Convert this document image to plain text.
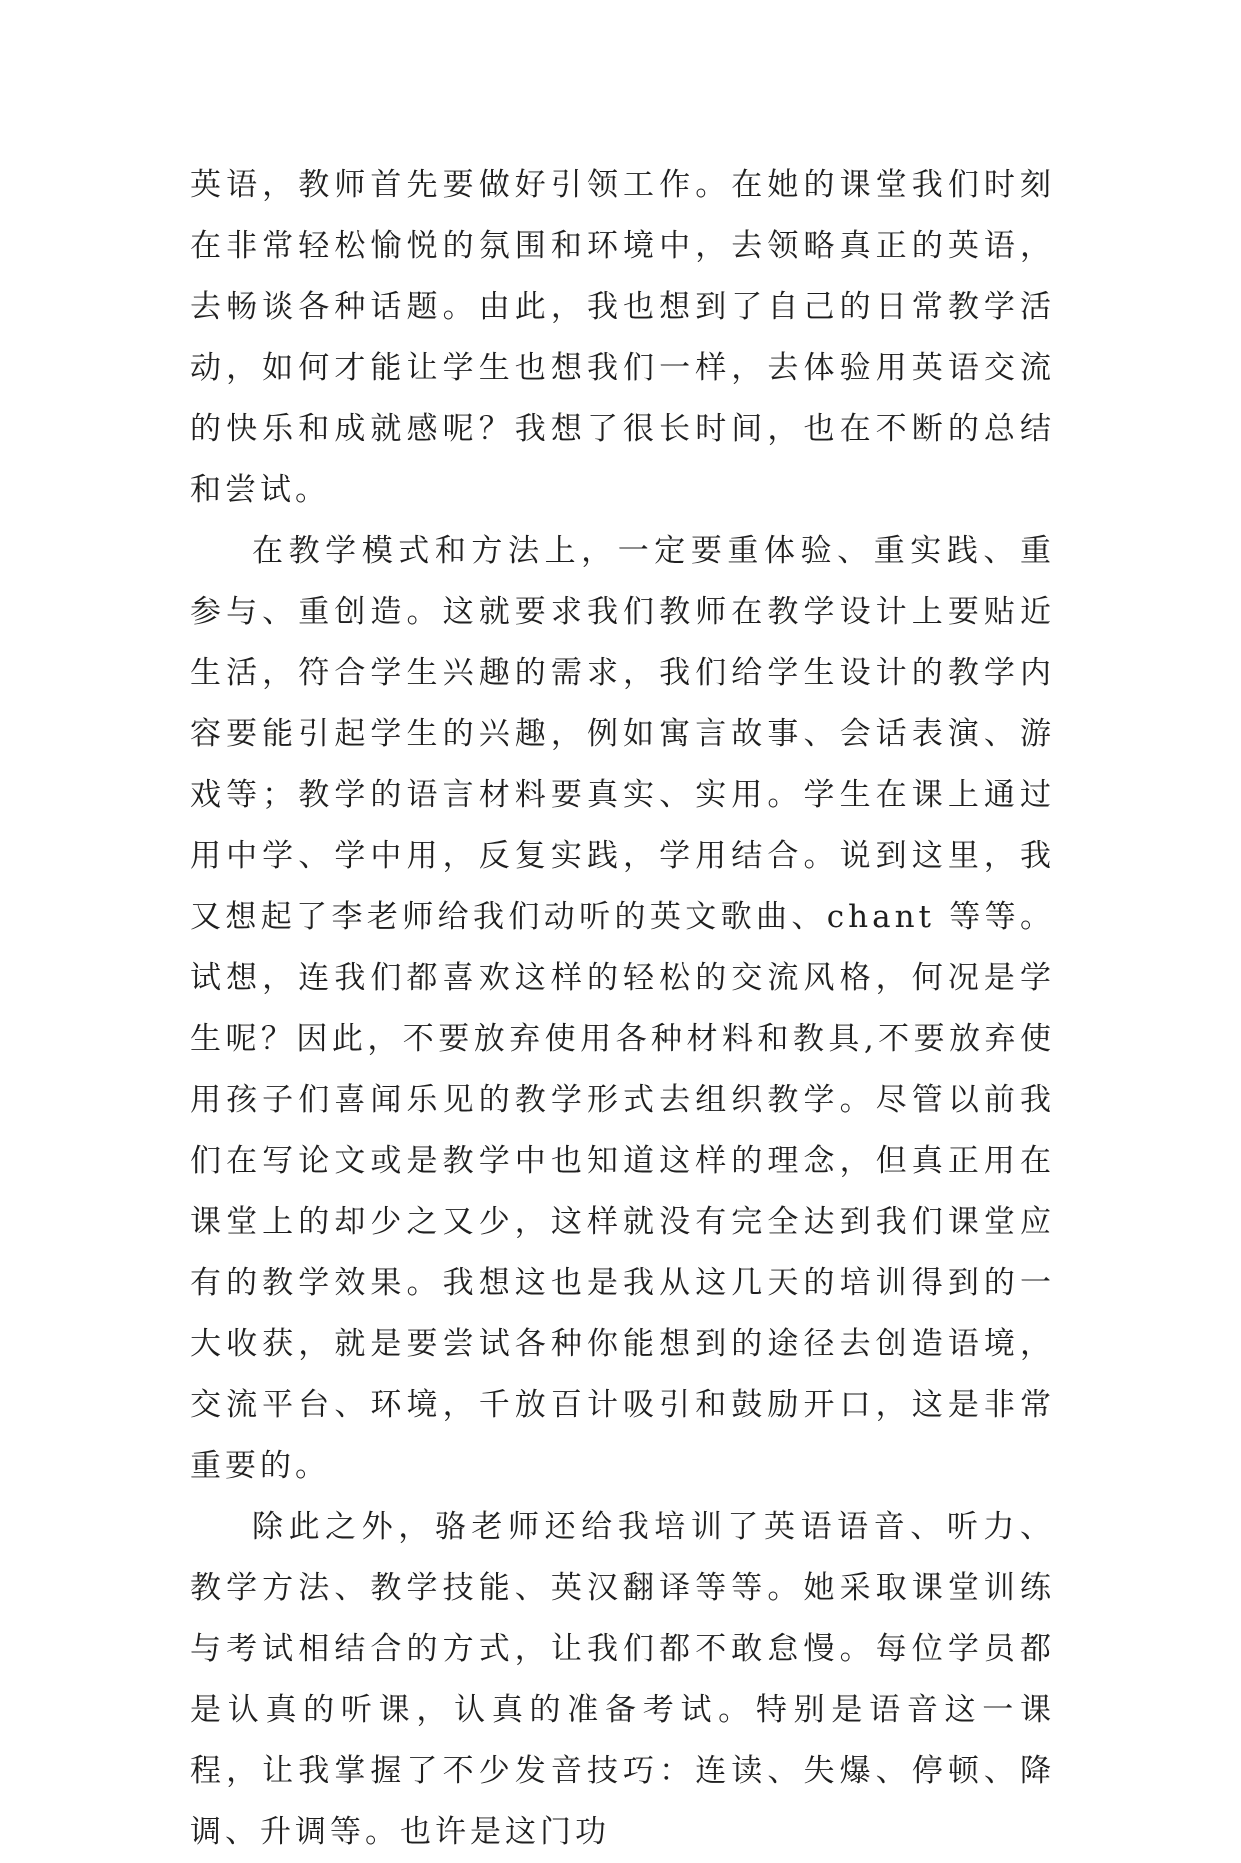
英语，教师首先要做好引领工作。在她的课堂我们时刻在非常轻松愉悦的氛围和环境中，去领略真正的英语，去畅谈各种话题。由此，我也想到了自己的日常教学活动，如何才能让学生也想我们一样，去体验用英语交流的快乐和成就感呢？我想了很长时间，也在不断的总结和尝试。

在教学模式和方法上，一定要重体验、重实践、重参与、重创造。这就要求我们教师在教学设计上要贴近生活，符合学生兴趣的需求，我们给学生设计的教学内容要能引起学生的兴趣，例如寓言故事、会话表演、游戏等；教学的语言材料要真实、实用。学生在课上通过用中学、学中用，反复实践，学用结合。说到这里，我又想起了李老师给我们动听的英文歌曲、chant 等等。试想，连我们都喜欢这样的轻松的交流风格，何况是学生呢？因此，不要放弃使用各种材料和教具,不要放弃使用孩子们喜闻乐见的教学形式去组织教学。尽管以前我们在写论文或是教学中也知道这样的理念，但真正用在课堂上的却少之又少，这样就没有完全达到我们课堂应有的教学效果。我想这也是我从这几天的培训得到的一大收获，就是要尝试各种你能想到的途径去创造语境，交流平台、环境，千放百计吸引和鼓励开口，这是非常重要的。

除此之外，骆老师还给我培训了英语语音、听力、教学方法、教学技能、英汉翻译等等。她采取课堂训练与考试相结合的方式，让我们都不敢怠慢。每位学员都是认真的听课，认真的准备考试。特别是语音这一课程，让我掌握了不少发音技巧：连读、失爆、停顿、降调、升调等。也许是这门功
